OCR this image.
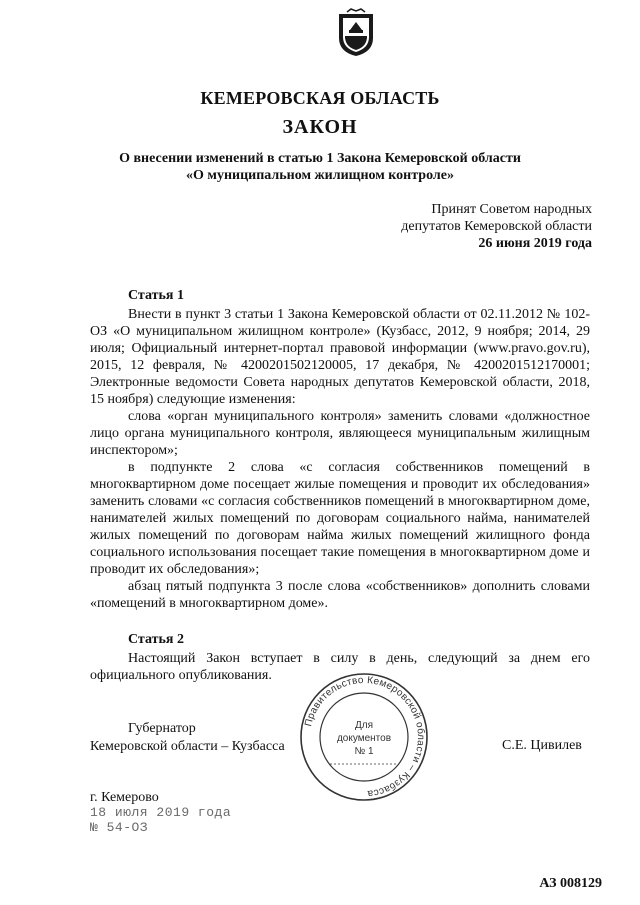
КЕМЕРОВСКАЯ ОБЛАСТЬ
ЗАКОН
О внесении изменений в статью 1 Закона Кемеровской области
«О муниципальном жилищном контроле»
Принят Советом народных
депутатов Кемеровской области
26 июня 2019 года
Статья 1

Внести в пункт 3 статьи 1 Закона Кемеровской области от 02.11.2012 № 102-ОЗ «О муниципальном жилищном контроле» (Кузбасс, 2012, 9 ноября; 2014, 29 июля; Официальный интернет-портал правовой информации (www.pravo.gov.ru), 2015, 12 февраля, № 4200201502120005, 17 декабря, № 4200201512170001; Электронные ведомости Совета народных депутатов Кемеровской области, 2018, 15 ноября) следующие изменения:

слова «орган муниципального контроля» заменить словами «должностное лицо органа муниципального контроля, являющееся муниципальным жилищным инспектором»;

в подпункте 2 слова «с согласия собственников помещений в многоквартирном доме посещает жилые помещения и проводит их обследования» заменить словами «с согласия собственников помещений в многоквартирном доме, нанимателей жилых помещений по договорам социального найма, нанимателей жилых помещений по договорам найма жилых помещений жилищного фонда социального использования посещает такие помещения в многоквартирном доме и проводит их обследования»;

абзац пятый подпункта 3 после слова «собственников» дополнить словами «помещений в многоквартирном доме».

Статья 2

Настоящий Закон вступает в силу в день, следующий за днем его официального опубликования.

Губернатор
Кемеровской области – Кузбасса	С.Е. Цивилев
Правительство Кемеровской области – Кузбасса
Для
документов
№ 1
г. Кемерово
18 июля 2019 года
№ 54-ОЗ
АЗ 008129
